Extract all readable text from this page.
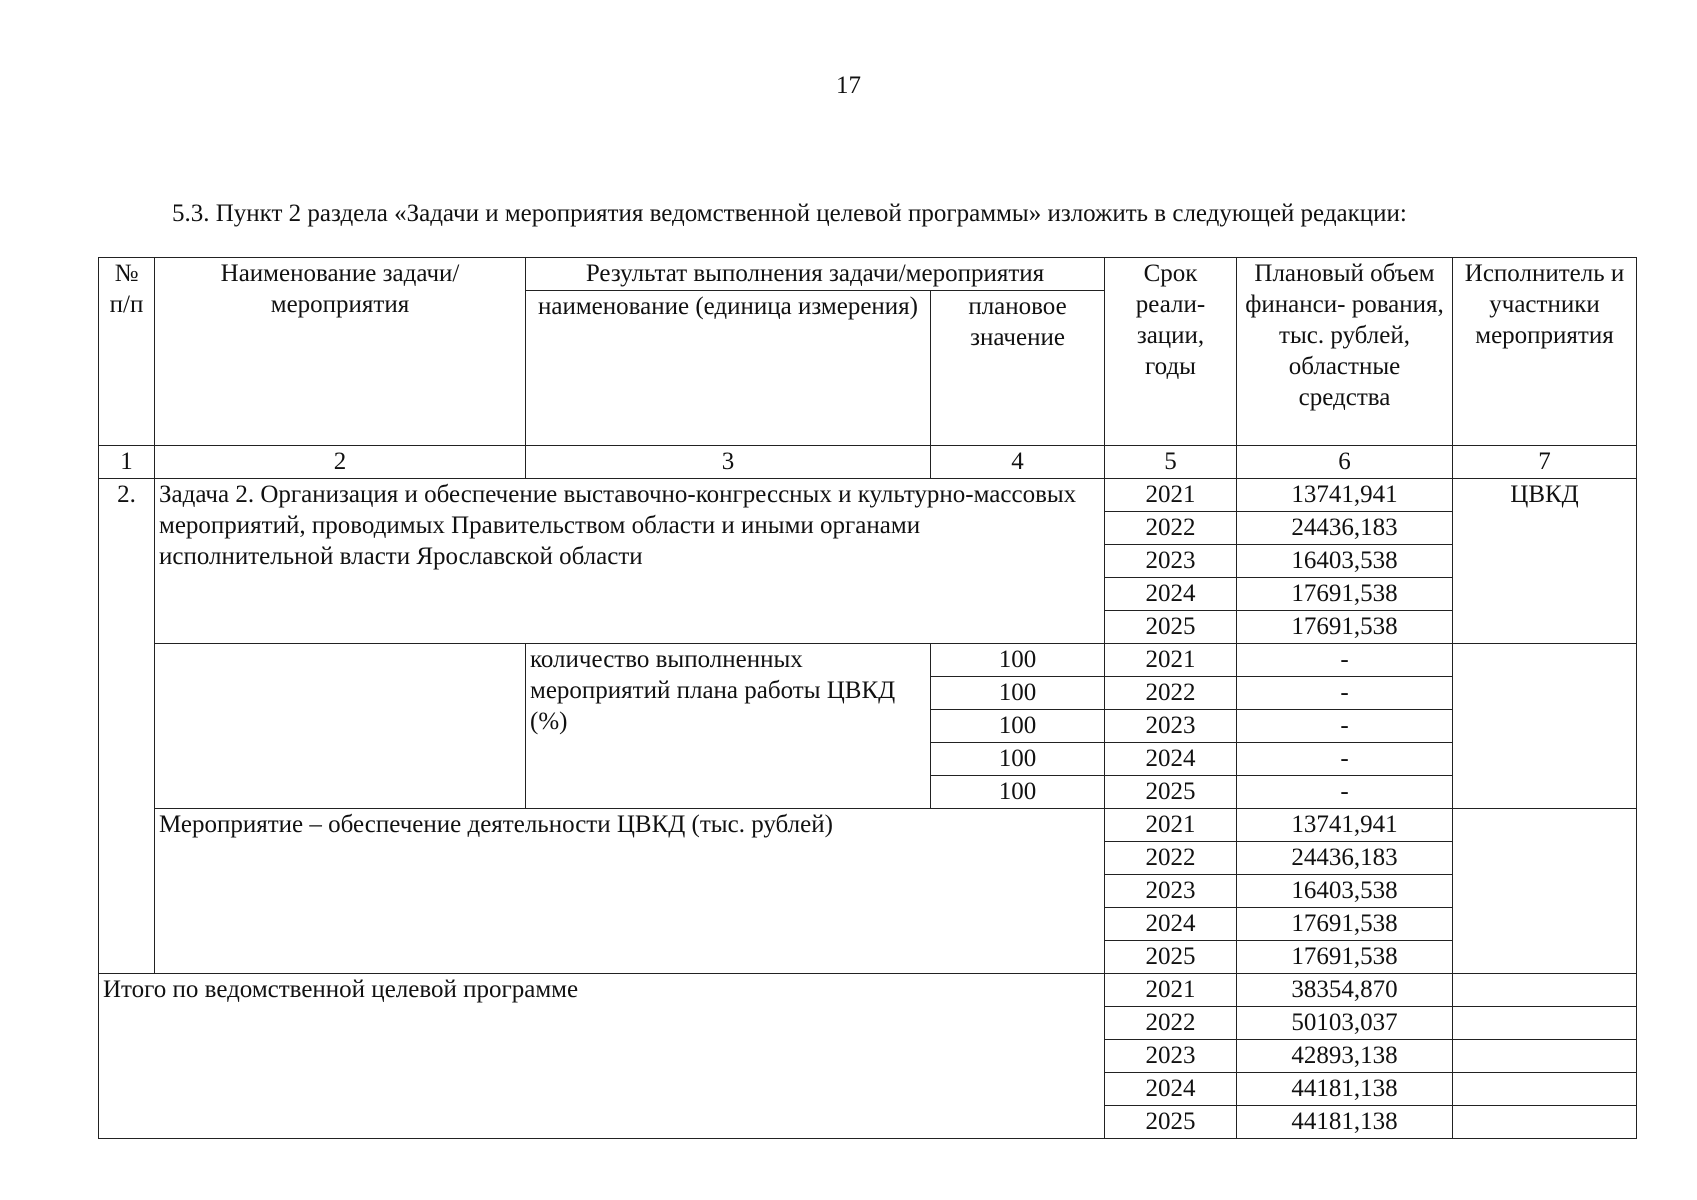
17
5.3. Пункт 2 раздела «Задачи и мероприятия ведомственной целевой программы» изложить в следующей редакции:
№ п/п	Наименование задачи/мероприятия	Результат выполнения задачи/мероприятия		Срок реали- зации, годы	Плановый объем финанси- рования, тыс. рублей, областные средства	Исполнитель и участники мероприятия
		наименование (единица измерения)	плановое значение			
1	2	3	4	5	6	7
2.	Задача 2. Организация и обеспечение выставочно-конгрессных и культурно-массовых мероприятий, проводимых Правительством области и иными органами исполнительной власти Ярославской области			2021	13741,941	ЦВКД
				2022	24436,183	
				2023	16403,538	
				2024	17691,538	
				2025	17691,538	
		количество выполненных мероприятий плана работы ЦВКД (%)	100	2021	-	
			100	2022	-	
			100	2023	-	
			100	2024	-	
			100	2025	-	
	Мероприятие – обеспечение деятельности ЦВКД (тыс. рублей)			2021	13741,941	
				2022	24436,183	
				2023	16403,538	
				2024	17691,538	
				2025	17691,538	
Итого по ведомственной целевой программе				2021	38354,870	
				2022	50103,037	
				2023	42893,138	
				2024	44181,138	
				2025	44181,138	
